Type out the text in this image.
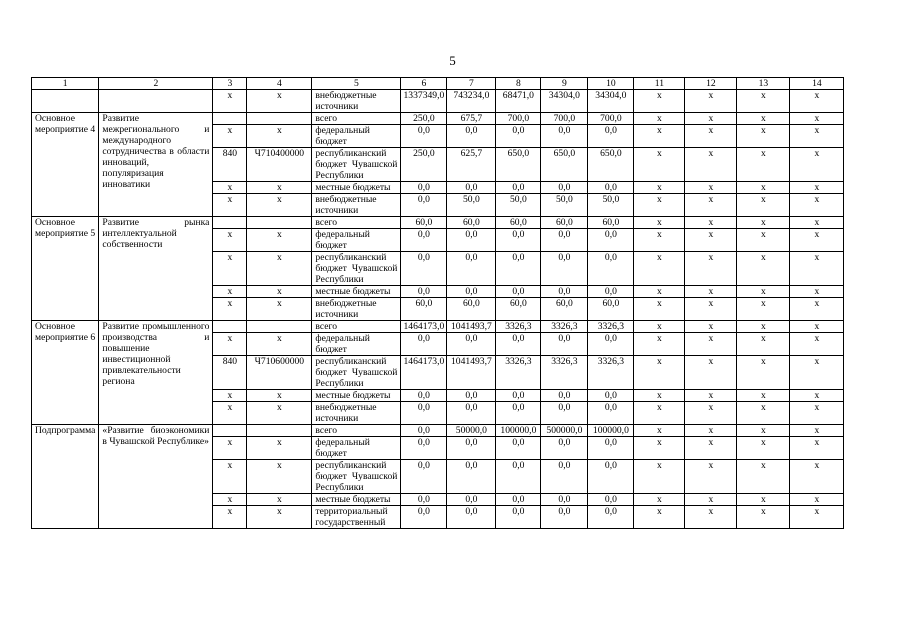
5
1	2	3	4	5	6	7	8	9	10	11	12	13	14
		х	х	внебюджетные источники	1337349,0	743234,0	68471,0	34304,0	34304,0	х	х	х	х
Основное мероприятие 4	Развитие межрегионального и международного сотрудничества в области инноваций, популяризация инноватики			всего	250,0	675,7	700,0	700,0	700,0	х	х	х	х
		х	х	федеральный бюджет	0,0	0,0	0,0	0,0	0,0	х	х	х	х
		840	Ч710400000	республиканский бюджет Чувашской Республики	250,0	625,7	650,0	650,0	650,0	х	х	х	х
		х	х	местные бюджеты	0,0	0,0	0,0	0,0	0,0	х	х	х	х
		х	х	внебюджетные источники	0,0	50,0	50,0	50,0	50,0	х	х	х	х
Основное мероприятие 5	Развитие рынка интеллектуальной собственности			всего	60,0	60,0	60,0	60,0	60,0	х	х	х	х
		х	х	федеральный бюджет	0,0	0,0	0,0	0,0	0,0	х	х	х	х
		х	х	республиканский бюджет Чувашской Республики	0,0	0,0	0,0	0,0	0,0	х	х	х	х
		х	х	местные бюджеты	0,0	0,0	0,0	0,0	0,0	х	х	х	х
		х	х	внебюджетные источники	60,0	60,0	60,0	60,0	60,0	х	х	х	х
Основное мероприятие 6	Развитие промышленного производства и повышение инвестиционной привлекательности региона			всего	1464173,0	1041493,7	3326,3	3326,3	3326,3	х	х	х	х
		х	х	федеральный бюджет	0,0	0,0	0,0	0,0	0,0	х	х	х	х
		840	Ч710600000	республиканский бюджет Чувашской Республики	1464173,0	1041493,7	3326,3	3326,3	3326,3	х	х	х	х
		х	х	местные бюджеты	0,0	0,0	0,0	0,0	0,0	х	х	х	х
		х	х	внебюджетные источники	0,0	0,0	0,0	0,0	0,0	х	х	х	х
Подпрограмма	«Развитие биоэкономики в Чувашской Республике»			всего	0,0	50000,0	100000,0	500000,0	100000,0	х	х	х	х
		х	х	федеральный бюджет	0,0	0,0	0,0	0,0	0,0	х	х	х	х
		х	х	республиканский бюджет Чувашской Республики	0,0	0,0	0,0	0,0	0,0	х	х	х	х
		х	х	местные бюджеты	0,0	0,0	0,0	0,0	0,0	х	х	х	х
		х	х	территориальный государственный	0,0	0,0	0,0	0,0	0,0	х	х	х	х
